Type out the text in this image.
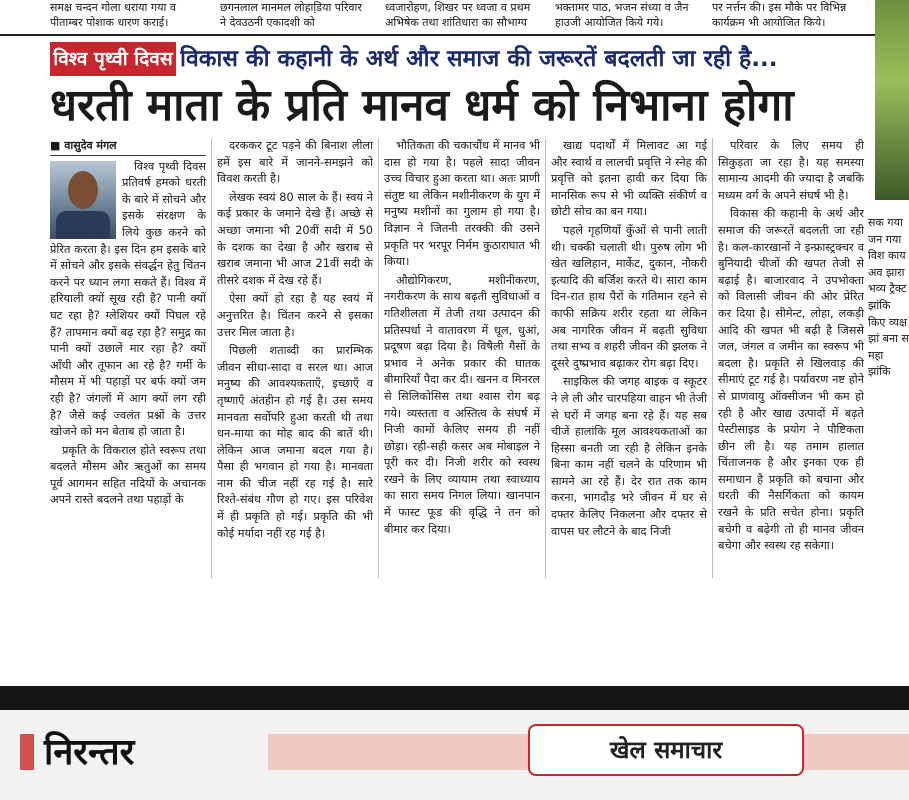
समक्ष चन्दन गोला धराया गया व पीताम्बर पोशाक धारण कराई।
छगनलाल मानमल लोहाडि़या परिवार ने देवउठनी एकादशी को
ध्वजारोहण, शिखर पर ध्वजा व प्रथम अभिषेक तथा शांतिधारा का सौभाग्य
भक्तामर पाठ, भजन संध्या व जैन हाउजी आयोजित किये गये।
पर नर्त्तन की। इस मौके पर विभिन्न कार्यक्रम भी आयोजित किये।
विश्व पृथ्वी दिवस विकास की कहानी के अर्थ और समाज की जरूरतें बदलती जा रही है...
धरती माता के प्रति मानव धर्म को निभाना होगा
■ वासुदेव मंगल

विश्व पृथ्वी दिवस प्रतिवर्ष हमको धरती के बारे में सोचने और इसके संरक्षण के लिये कुछ करने को प्रेरित करता है। इस दिन हम इसके बारे में सोचने और इसके संवर्द्धन हेतु चिंतन करने पर ध्यान लगा सकते हैं। विश्व में हरियाली क्यों सूख रही है? पानी क्यों घट रहा है? ग्लेशियर क्यों पिघल रहे हैं? तापमान क्यों बढ़ रहा है? समुद्र का पानी क्यों उछालें मार रहा है? क्यों आँधी और तूफान आ रहे है? गर्मी के मौसम में भी पहाड़ों पर बर्फ क्यों जम रही है? जंगलों में आग क्यों लग रही है? जैसे कई ज्वलंत प्रश्नों के उत्तर खोजने को मन बेताब हो जाता है।

प्रकृति के विकराल होते स्वरूप तथा बदलते मौसम और ऋतुओं का समय पूर्व आगमन सहित नदियों के अचानक अपने रास्ते बदलने तथा पहाड़ों के

दरककर टूट पड़ने की बिनाश लीला हमें इस बारे में जानने-समझने को विवश करती है।

लेखक स्वयं 80 साल के हैं। स्वयं ने कई प्रकार के जमाने देखे हैं। अच्छे से अच्छा जमाना भी 20वीं सदी में 50 के दशक का देखा है और खराब से खराब जमाना भी आज 21वीं सदी के तीसरे दशक में देख रहे हैं।

ऐसा क्यों हो रहा है यह स्वयं में अनुत्तरित है। चिंतन करने से इसका उत्तर मिल जाता है।

पिछली शताब्दी का प्रारम्भिक जीवन सीधा-सादा व सरल था। आज मनुष्य की आवश्यकताएँ, इच्छाएँ व तृष्णाएँ अंतहीन हो गई है। उस समय मानवता सर्वोपरि हुआ करती थी तथा धन-माया का मोह बाद की बातें थी। लेकिन आज जमाना बदल गया है। पैसा ही भगवान हो गया है। मानवता नाम की चीज नहीं रह गई है। सारे रिश्ते-संबंध गौण हो गए। इस परिवेश में ही प्रकृति हो गई। प्रकृति की भी कोई मर्यादा नहीं रह गई है।

भौतिकता की चकाचौंध में मानव भी दास हो गया है। पहले सादा जीवन उच्च विचार हुआ करता था। अतः प्राणी संतुष्ट था लेकिन मशीनीकरण के युग में मनुष्य मशीनों का गुलाम हो गया है। विज्ञान ने जितनी तरक्की की उसने प्रकृति पर भरपूर निर्मम कुठाराघात भी किया।

औद्योगिकरण, मशीनीकरण, नगरीकरण के साथ बढ़ती सुविधाओं व गतिशीलता में तेजी तथा उत्पादन की प्रतिस्पर्धा ने वातावरण में धूल, धुआं, प्रदूषण बढ़ा दिया है। विषैली गैसों के प्रभाव ने अनेक प्रकार की घातक बीमारियाँ पैदा कर दी। खनन व मिनरल से सिलिकोसिस तथा श्वास रोग बढ़ गये। व्यस्तता व अस्तित्व के संघर्ष में निजी कामों केलिए समय ही नहीं छोड़ा। रही-सही कसर अब मोबाइल ने पूरी कर दी। निजी शरीर को स्वस्थ रखने के लिए व्यायाम तथा स्वाध्याय का सारा समय निगल लिया। खानपान में फास्ट फूड की वृद्धि ने तन को बीमार कर दिया।

खाद्य पदार्थों में मिलावट आ गई और स्वार्थ व लालची प्रवृत्ति ने स्नेह की प्रवृत्ति को इतना हावी कर दिया कि मानसिक रूप से भी व्यक्ति संकीर्ण व छोटी सोच का बन गया।

पहले गृहणियाँ कुँओं से पानी लाती थी। चक्की चलाती थी। पुरुष लोग भी खेत खलिहान, मार्केट, दुकान, नौकरी इत्यादि की बर्जिश करते थे। सारा काम दिन-रात हाथ पैरों के गतिमान रहने से काफी सक्रिय शरीर रहता था लेकिन अब नागरिक जीवन में बढ़ती सुविधा तथा सभ्य व शहरी जीवन की झलक ने दूसरे दुष्प्रभाव बढ़ाकर रोग बढ़ा दिए।

साइकिल की जगह बाइक व स्कूटर ने ले ली और चारपहिया वाहन भी तेजी से घरों में जगह बना रहे हैं। यह सब चीजें हालांकि मूल आवश्यकताओं का हिस्सा बनती जा रही है लेकिन इनके बिना काम नहीं चलने के परिणाम भी सामने आ रहे हैं। देर रात तक काम करना, भागदौड़ भरे जीवन में घर से दफ्तर केलिए निकलना और दफ्तर से वापस घर लौटने के बाद निजी

परिवार के लिए समय ही सिकुड़ता जा रहा है। यह समस्या सामान्य आदमी की ज्यादा है जबकि मध्यम वर्ग के अपने संघर्ष भी है।

विकास की कहानी के अर्थ और समाज की जरूरतें बदलती जा रही है। कल-कारखानों ने इन्फ्रास्ट्रक्चर व बुनियादी चीजों की खपत तेजी से बढ़ाई है। बाजारवाद ने उपभोक्ता को विलासी जीवन की ओर प्रेरित कर दिया है। सीमेन्ट, लोहा, लकड़ी आदि की खपत भी बढ़ी है जिससे जल, जंगल व जमीन का स्वरूप भी बदला है। प्रकृति से खिलवाड़ की सीमाएं टूट गई है। पर्यावरण नष्ट होने से प्राणवायु ऑक्सीजन भी कम हो रही है और खाद्य उत्पादों में बढ़ते पेस्टीसाइड के प्रयोग ने पौष्टिकता छीन ली है। यह तमाम हालात चिंताजनक है और इनका एक ही समाधान है प्रकृति को बचाना और धरती की नैसर्गिकता को कायम रखने के प्रति सचेत होना। प्रकृति बचेगी व बढ़ेगी तो ही मानव जीवन बचेगा और स्वस्थ रह सकेगा।

सक गया जन गया विश काय अव झारा भव्य ट्रैक्ट झांकि किए व्यक्ष झां बना स महा झांकि
निरन्तर	खेल समाचार
